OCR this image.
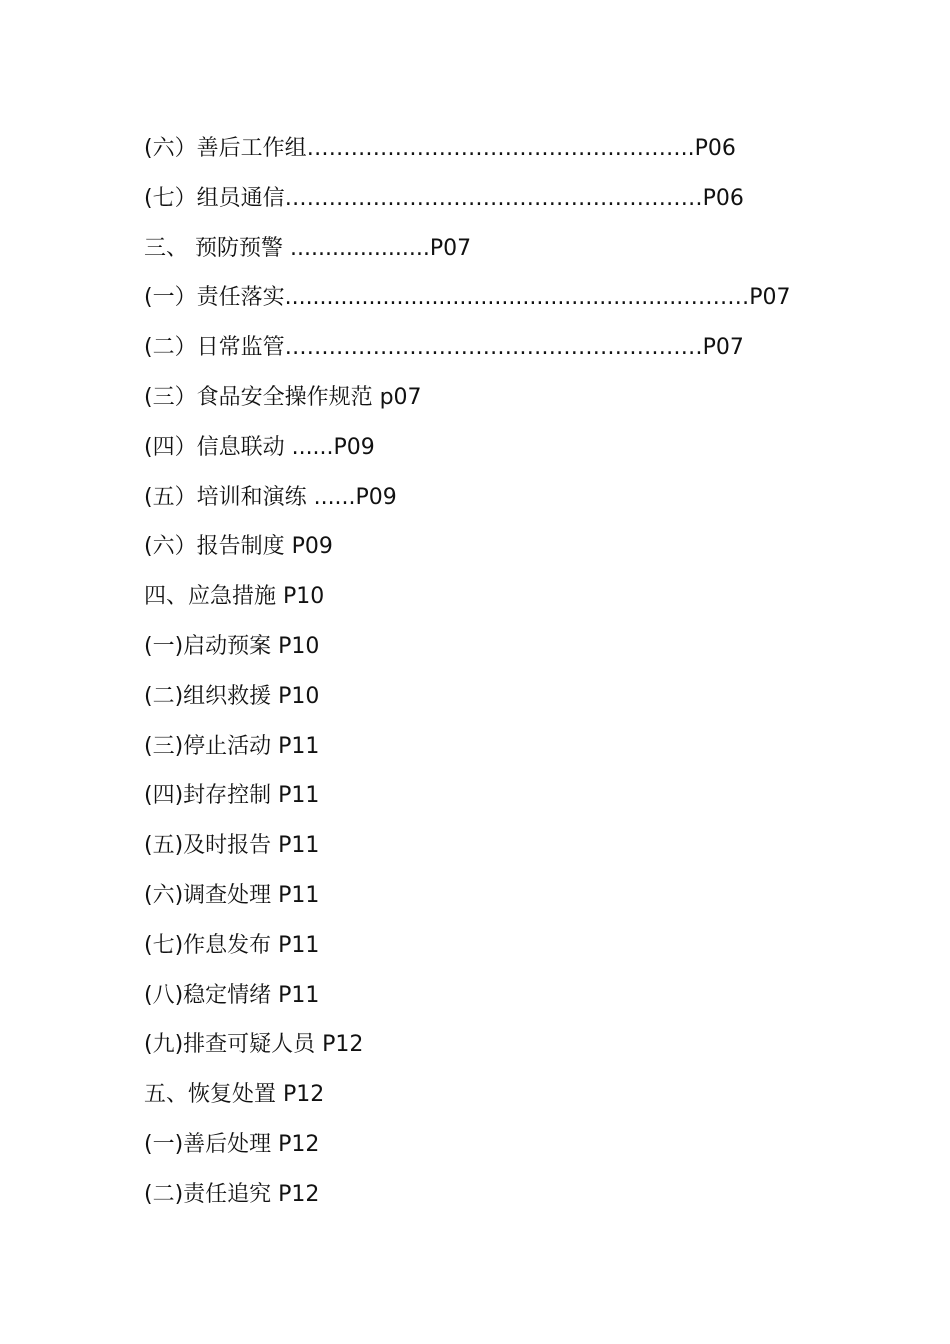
(六）善后工作组……………………………………………..P06
(七）组员通信…………………………………………………P06
三、 预防预警 ....................P07
(一）责任落实.........................................................………P07
(二）日常监管…………………………………………………P07
(三）食品安全操作规范 p07
(四）信息联动 ......P09
(五）培训和演练 ......P09
(六）报告制度 P09
四、应急措施 P10
(一)启动预案 P10
(二)组织救援 P10
(三)停止活动 P11
(四)封存控制 P11
(五)及时报告 P11
(六)调查处理 P11
(七)作息发布 P11
(八)稳定情绪 P11
(九)排查可疑人员 P12
五、恢复处置 P12
(一)善后处理 P12
(二)责任追究 P12
